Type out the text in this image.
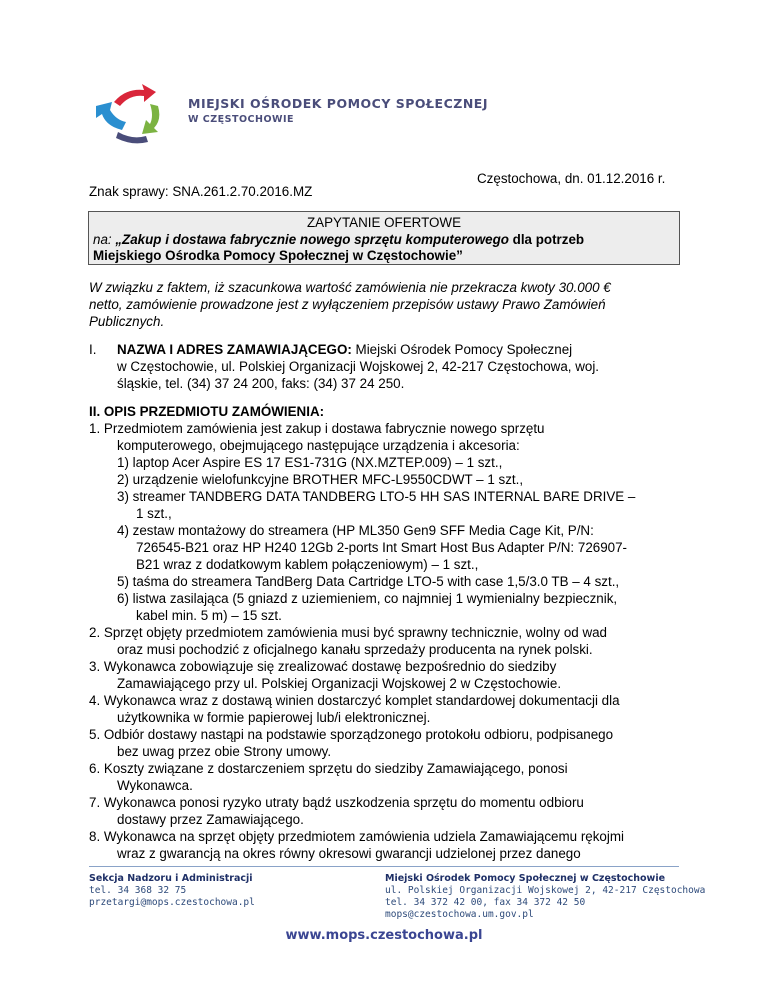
MIEJSKI OŚRODEK POMOCY SPOŁECZNEJ
W CZĘSTOCHOWIE
Częstochowa, dn. 01.12.2016 r.
Znak sprawy: SNA.261.2.70.2016.MZ
ZAPYTANIE OFERTOWE
na: „Zakup i dostawa fabrycznie nowego sprzętu komputerowego dla potrzeb
Miejskiego Ośrodka Pomocy Społecznej w Częstochowie”
W związku z faktem, iż szacunkowa wartość zamówienia nie przekracza kwoty 30.000 €
netto, zamówienie prowadzone jest z wyłączeniem przepisów ustawy Prawo Zamówień
Publicznych.
I. NAZWA I ADRES ZAMAWIAJĄCEGO: Miejski Ośrodek Pomocy Społecznej
w Częstochowie, ul. Polskiej Organizacji Wojskowej 2, 42-217 Częstochowa, woj.
śląskie, tel. (34) 37 24 200, faks: (34) 37 24 250.
II. OPIS PRZEDMIOTU ZAMÓWIENIA:
1. Przedmiotem zamówienia jest zakup i dostawa fabrycznie nowego sprzętu
komputerowego, obejmującego następujące urządzenia i akcesoria:
1) laptop Acer Aspire ES 17 ES1-731G (NX.MZTEP.009) – 1 szt.,
2) urządzenie wielofunkcyjne BROTHER MFC-L9550CDWT – 1 szt.,
3) streamer TANDBERG DATA TANDBERG LTO-5 HH SAS INTERNAL BARE DRIVE –
1 szt.,
4) zestaw montażowy do streamera (HP ML350 Gen9 SFF Media Cage Kit, P/N:
726545-B21 oraz HP H240 12Gb 2-ports Int Smart Host Bus Adapter P/N: 726907-
B21 wraz z dodatkowym kablem połączeniowym) – 1 szt.,
5) taśma do streamera TandBerg Data Cartridge LTO-5 with case 1,5/3.0 TB – 4 szt.,
6) listwa zasilająca (5 gniazd z uziemieniem, co najmniej 1 wymienialny bezpiecznik,
kabel min. 5 m) – 15 szt.
2. Sprzęt objęty przedmiotem zamówienia musi być sprawny technicznie, wolny od wad
oraz musi pochodzić z oficjalnego kanału sprzedaży producenta na rynek polski.
3. Wykonawca zobowiązuje się zrealizować dostawę bezpośrednio do siedziby
Zamawiającego przy ul. Polskiej Organizacji Wojskowej 2 w Częstochowie.
4. Wykonawca wraz z dostawą winien dostarczyć komplet standardowej dokumentacji dla
użytkownika w formie papierowej lub/i elektronicznej.
5. Odbiór dostawy nastąpi na podstawie sporządzonego protokołu odbioru, podpisanego
bez uwag przez obie Strony umowy.
6. Koszty związane z dostarczeniem sprzętu do siedziby Zamawiającego, ponosi
Wykonawca.
7. Wykonawca ponosi ryzyko utraty bądź uszkodzenia sprzętu do momentu odbioru
dostawy przez Zamawiającego.
8. Wykonawca na sprzęt objęty przedmiotem zamówienia udziela Zamawiającemu rękojmi
wraz z gwarancją na okres równy okresowi gwarancji udzielonej przez danego
Sekcja Nadzoru i Administracji
tel. 34 368 32 75
przetargi@mops.czestochowa.pl
Miejski Ośrodek Pomocy Społecznej w Częstochowie
ul. Polskiej Organizacji Wojskowej 2, 42-217 Częstochowa
tel. 34 372 42 00, fax 34 372 42 50
mops@czestochowa.um.gov.pl
www.mops.czestochowa.pl
